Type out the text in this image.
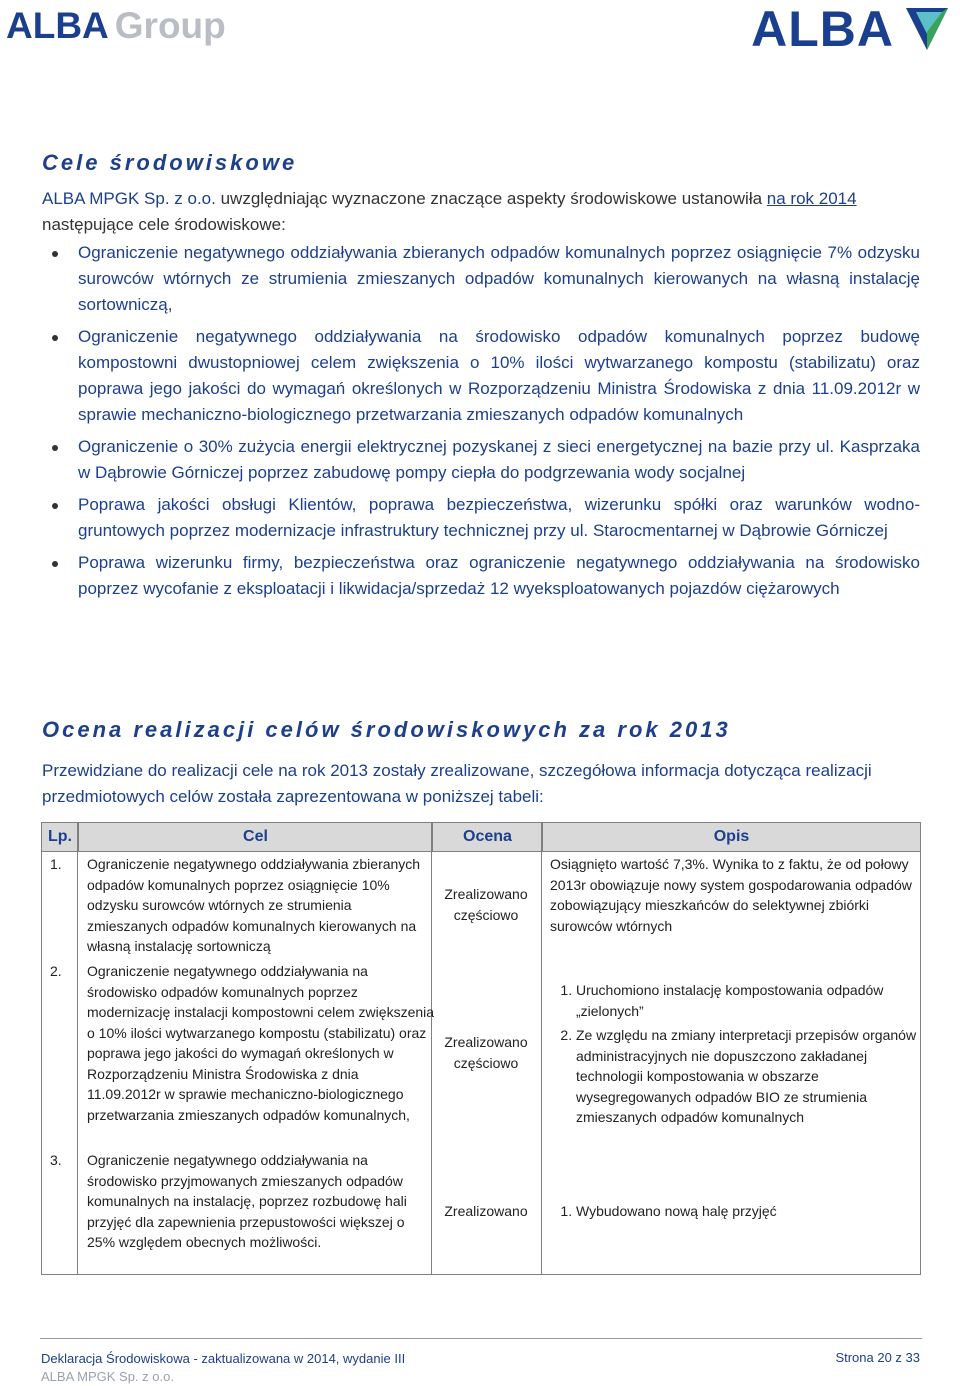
ALBA Group	ALBA
Cele środowiskowe
ALBA MPGK Sp. z o.o. uwzględniając wyznaczone znaczące aspekty środowiskowe ustanowiła na rok 2014 następujące cele środowiskowe:
Ograniczenie negatywnego oddziaływania zbieranych odpadów komunalnych poprzez osiągnięcie 7% odzysku surowców wtórnych ze strumienia zmieszanych odpadów komunalnych kierowanych na własną instalację sortowniczą,
Ograniczenie negatywnego oddziaływania na środowisko odpadów komunalnych poprzez budowę kompostowni dwustopniowej celem zwiększenia o 10% ilości wytwarzanego kompostu (stabilizatu) oraz poprawa jego jakości do wymagań określonych w Rozporządzeniu Ministra Środowiska z dnia 11.09.2012r w sprawie mechaniczno-biologicznego przetwarzania zmieszanych odpadów komunalnych
Ograniczenie o 30% zużycia energii elektrycznej pozyskanej z sieci energetycznej na bazie przy ul. Kasprzaka w Dąbrowie Górniczej poprzez zabudowę pompy ciepła do podgrzewania wody socjalnej
Poprawa jakości obsługi Klientów, poprawa bezpieczeństwa, wizerunku spółki oraz warunków wodno-gruntowych poprzez modernizacje infrastruktury technicznej przy ul. Starocmentarnej w Dąbrowie Górniczej
Poprawa wizerunku firmy, bezpieczeństwa oraz ograniczenie negatywnego oddziaływania na środowisko poprzez wycofanie z eksploatacji i likwidacja/sprzedaż 12 wyeksploatowanych pojazdów ciężarowych
Ocena realizacji celów środowiskowych za rok 2013
Przewidziane do realizacji cele na rok 2013 zostały zrealizowane, szczegółowa informacja dotycząca realizacji przedmiotowych celów została zaprezentowana w poniższej tabeli:
Lp.	Cel	Ocena	Opis
1.	Ograniczenie negatywnego oddziaływania zbieranych odpadów komunalnych poprzez osiągnięcie 10% odzysku surowców wtórnych ze strumienia zmieszanych odpadów komunalnych kierowanych na własną instalację sortowniczą
Zrealizowano częściowo
Osiągnięto wartość 7,3%. Wynika to z faktu, że od połowy 2013r obowiązuje nowy system gospodarowania odpadów zobowiązujący mieszkańców do selektywnej zbiórki surowców wtórnych
2.	Ograniczenie negatywnego oddziaływania na środowisko odpadów komunalnych poprzez modernizację instalacji kompostowni celem zwiększenia o 10% ilości wytwarzanego kompostu (stabilizatu) oraz poprawa jego jakości do wymagań określonych w Rozporządzeniu Ministra Środowiska z dnia 11.09.2012r w sprawie mechaniczno-biologicznego przetwarzania zmieszanych odpadów komunalnych,
Zrealizowano częściowo
1. Uruchomiono instalację kompostowania odpadów „zielonych”
2. Ze względu na zmiany interpretacji przepisów organów administracyjnych nie dopuszczono zakładanej technologii kompostowania w obszarze wysegregowanych odpadów BIO ze strumienia zmieszanych odpadów komunalnych
3.	Ograniczenie negatywnego oddziaływania na środowisko przyjmowanych zmieszanych odpadów komunalnych na instalację, poprzez rozbudowę hali przyjęć dla zapewnienia przepustowości większej o 25% względem obecnych możliwości.
Zrealizowano
1.	Wybudowano nową halę przyjęć
Deklaracja Środowiskowa - zaktualizowana w 2014, wydanie III
ALBA MPGK Sp. z o.o.
Strona 20 z 33
